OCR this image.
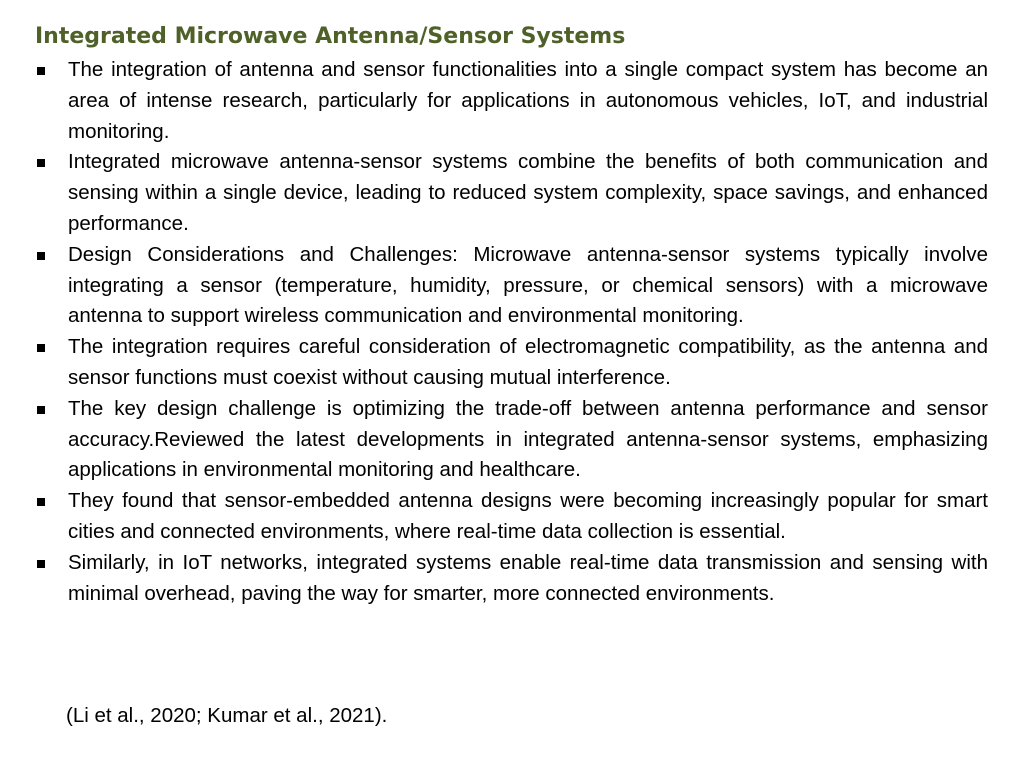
Integrated Microwave Antenna/Sensor Systems
The integration of antenna and sensor functionalities into a single compact system has become an area of intense research, particularly for applications in autonomous vehicles, IoT, and industrial monitoring.
Integrated microwave antenna-sensor systems combine the benefits of both communication and sensing within a single device, leading to reduced system complexity, space savings, and enhanced performance.
Design Considerations and Challenges: Microwave antenna-sensor systems typically involve integrating a sensor (temperature, humidity, pressure, or chemical sensors) with a microwave antenna to support wireless communication and environmental monitoring.
The integration requires careful consideration of electromagnetic compatibility, as the antenna and sensor functions must coexist without causing mutual interference.
The key design challenge is optimizing the trade-off between antenna performance and sensor accuracy.Reviewed the latest developments in integrated antenna-sensor systems, emphasizing applications in environmental monitoring and healthcare.
They found that sensor-embedded antenna designs were becoming increasingly popular for smart cities and connected environments, where real-time data collection is essential.
Similarly, in IoT networks, integrated systems enable real-time data transmission and sensing with minimal overhead, paving the way for smarter, more connected environments.

(Li et al., 2020; Kumar et al., 2021).
